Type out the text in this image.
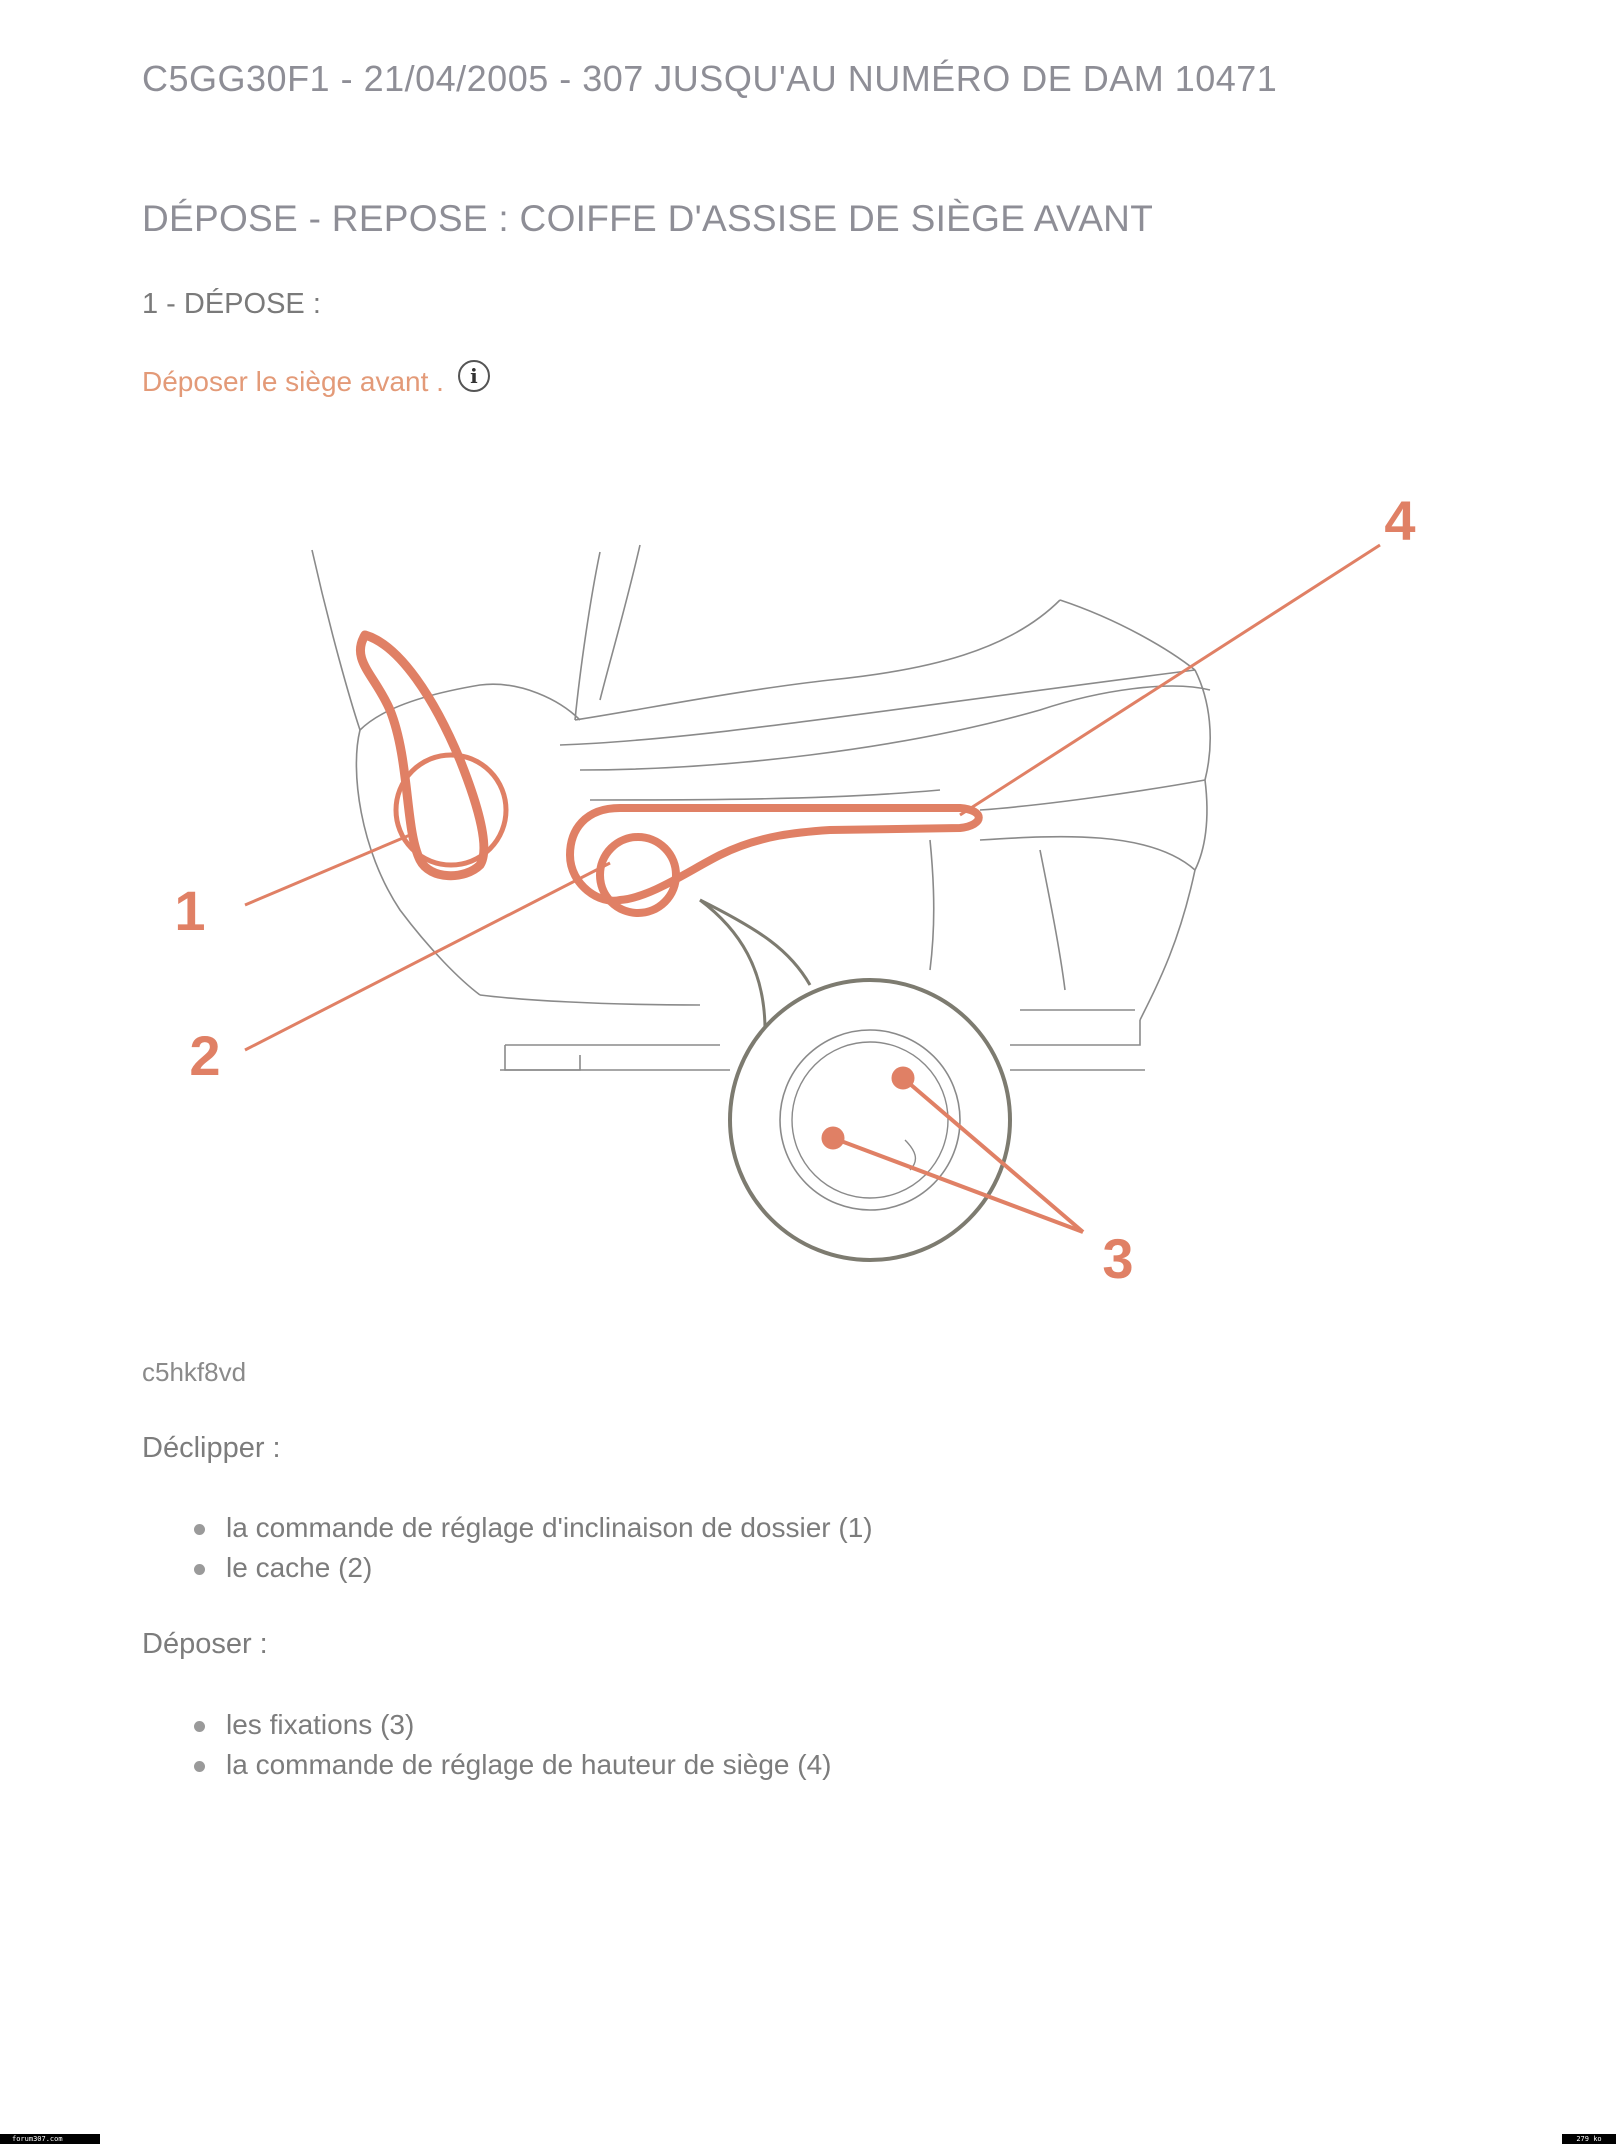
C5GG30F1 - 21/04/2005 - 307 JUSQU'AU NUMÉRO DE DAM 10471
DÉPOSE - REPOSE : COIFFE D'ASSISE DE SIÈGE AVANT
1 - DÉPOSE :
Déposer le siège avant .	i
1
2
3
4
c5hkf8vd
Déclipper :
la commande de réglage d'inclinaison de dossier (1)
le cache (2)
Déposer :
les fixations (3)
la commande de réglage de hauteur de siège (4)
forum307.com	279 ko
